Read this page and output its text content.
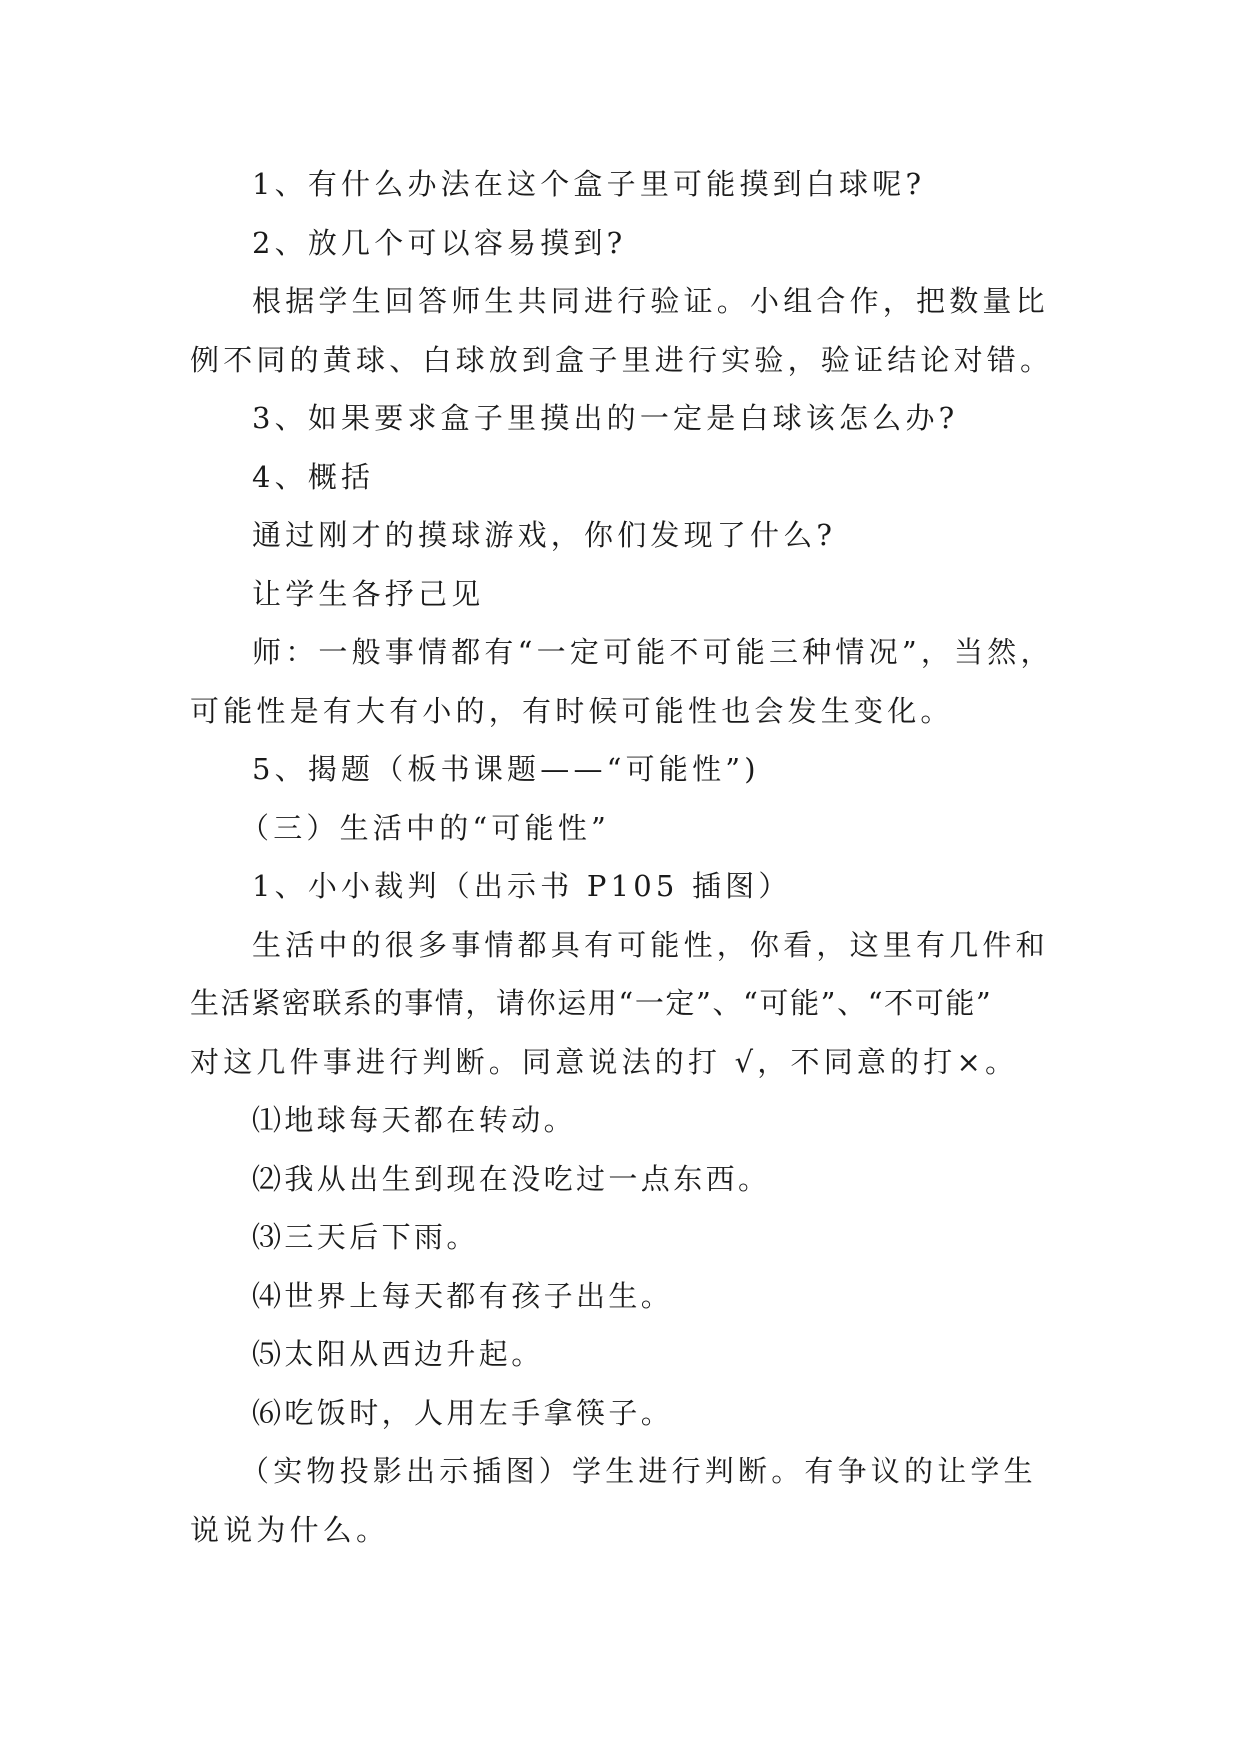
1、有什么办法在这个盒子里可能摸到白球呢?
2、放几个可以容易摸到?
根据学生回答师生共同进行验证。小组合作，把数量比
例不同的黄球、白球放到盒子里进行实验，验证结论对错。
3、如果要求盒子里摸出的一定是白球该怎么办?
4、概括
通过刚才的摸球游戏，你们发现了什么?
让学生各抒己见
师：一般事情都有“一定可能不可能三种情况”，当然，
可能性是有大有小的，有时候可能性也会发生变化。
5、揭题（板书课题——“可能性”)
（三）生活中的“可能性”
1、小小裁判（出示书 P105 插图）
生活中的很多事情都具有可能性，你看，这里有几件和
生活紧密联系的事情，请你运用“一定”、“可能”、“不可能”
对这几件事进行判断。同意说法的打 √，不同意的打×。
⑴地球每天都在转动。
⑵我从出生到现在没吃过一点东西。
⑶三天后下雨。
⑷世界上每天都有孩子出生。
⑸太阳从西边升起。
⑹吃饭时，人用左手拿筷子。
（实物投影出示插图）学生进行判断。有争议的让学生
说说为什么。
